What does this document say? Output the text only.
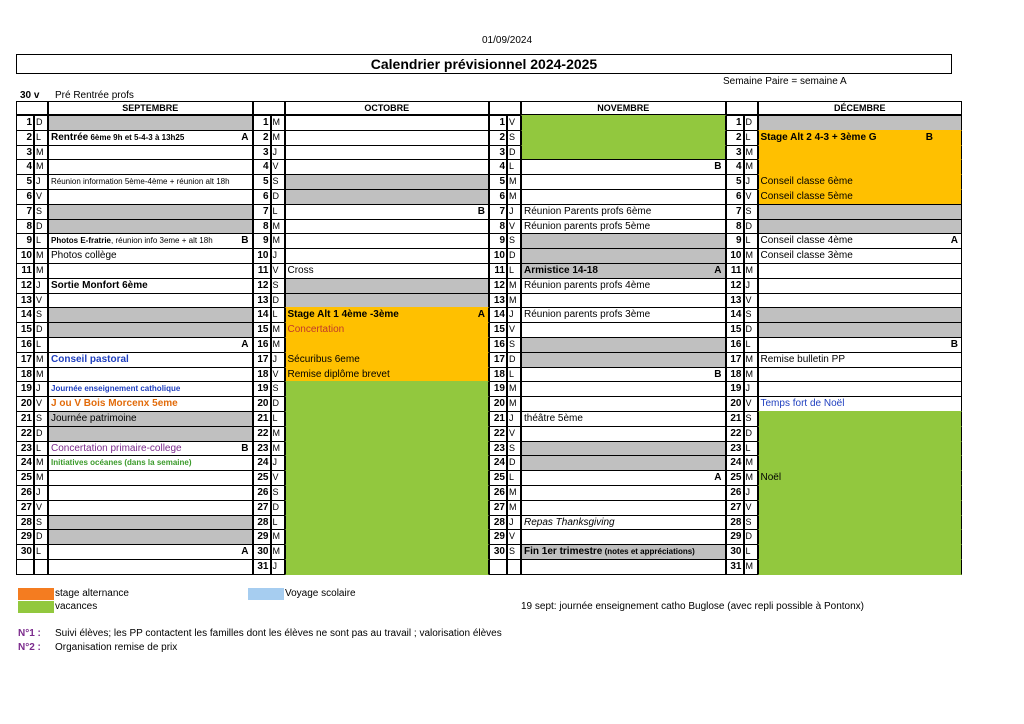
01/09/2024
Calendrier prévisionnel 2024-2025
Semaine Paire = semaine A
30 v Pré Rentrée profs
SEPTEMBRE
1 D
2 L Rentrée 6ème 9h et 5-4-3 à 13h25	A
3 M
4 M
5 J	Réunion information 5ème-4ème + réunion alt 18h
6 V
7 S
8 D
9 L	Photos E-fratrie, réunion info 3eme + alt 18h	B
10 M Photos collège
11 M
12 J	Sortie Monfort 6ème
13 V
14 S
15 D
16 L	A
17 M Conseil pastoral
18 M
19 J	Journée enseignement catholique
20 V J ou V Bois Morcenx 5eme
21 S Journée patrimoine
22 D
23 L Concertation primaire-college	B
24 M Initiatives océanes (dans la semaine)
25 M
26 J
27 V
28 S
29 D
30 L	A
OCTOBRE
1 M
2 M
3 J
4 V
5 S
6 D
7 L	B
8 M
9 M
10 J
11 V Cross
12 S
13 D
14 L Stage Alt 1 4ème -3ème	A
15 M Concertation
16 M
17 J	Sécuribus 6eme
18 V Remise diplôme brevet
19 S
20 D
21 L
22 M
23 M
24 J
25 V
26 S
27 D
28 L
29 M
30 M
31 J
NOVEMBRE
1 V
2 S
3 D
4 L	B
5 M
6 M
7 J	Réunion Parents profs 6ème
8 V Réunion parents profs 5ème
9 S
10 D
11 L Armistice 14-18	A
12 M Réunion parents profs 4ème
13 M
14 J	Réunion parents profs 3ème
15 V
16 S
17 D
18 L	B
19 M
20 M
21 J	théâtre 5ème
22 V
23 S
24 D
25 L	A
26 M
27 M
28 J	Repas Thanksgiving
29 V
30 S Fin 1er trimestre (notes et appréciations)
DÉCEMBRE
1 D
2 L Stage Alt 2 4-3 + 3ème G	B
3 M
4 M
5 J	Conseil classe 6ème
6 V Conseil classe 5ème
7 S
8 D
9 L Conseil classe 4ème	A
10 M Conseil classe 3ème
11 M
12 J
13 V
14 S
15 D
16 L	B
17 M Remise bulletin PP
18 M
19 J
20 V Temps fort de Noël
21 S
22 D
23 L
24 M
25 M Noël
26 J
27 V
28 S
29 D
30 L
31 M
stage alternance
vacances
Voyage scolaire
19 sept: journée enseignement catho Buglose (avec repli possible à Pontonx)
N°1 : Suivi élèves; les PP contactent les familles dont les élèves ne sont pas au travail ; valorisation élèves
N°2 : Organisation remise de prix
